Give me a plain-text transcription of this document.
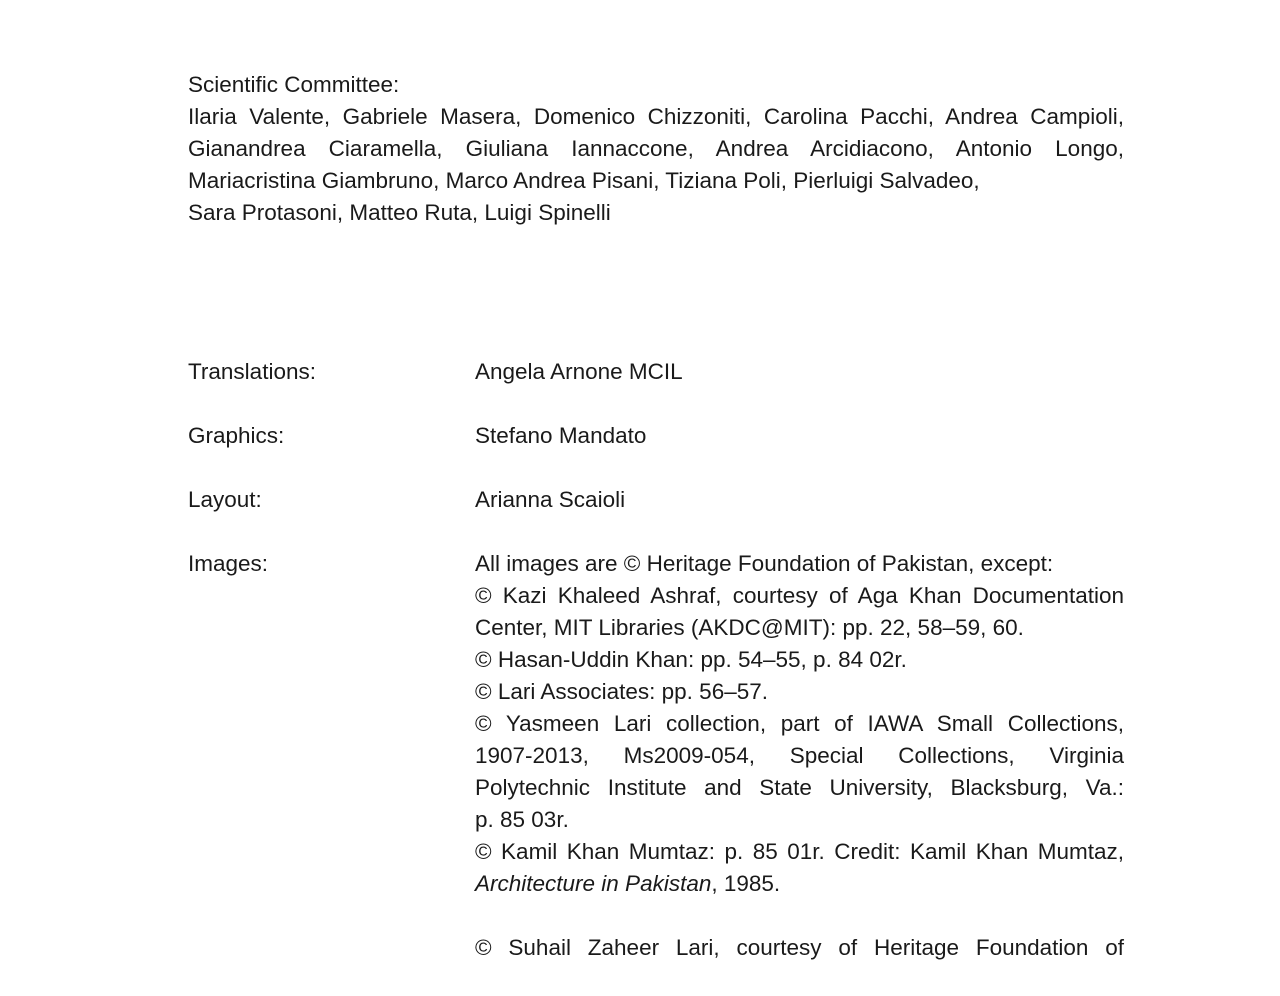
Scientific Committee:
Ilaria Valente, Gabriele Masera, Domenico Chizzoniti, Carolina Pacchi, Andrea Campioli,
Gianandrea Ciaramella, Giuliana Iannaccone, Andrea Arcidiacono, Antonio Longo,
Mariacristina Giambruno, Marco Andrea Pisani, Tiziana Poli, Pierluigi Salvadeo,
Sara Protasoni, Matteo Ruta, Luigi Spinelli
Translations:	Angela Arnone MCIL
Graphics:	Stefano Mandato
Layout:	Arianna Scaioli
Images:	All images are © Heritage Foundation of Pakistan, except:
© Kazi Khaleed Ashraf, courtesy of Aga Khan Documentation
Center, MIT Libraries (AKDC@MIT): pp. 22, 58–59, 60.
© Hasan-Uddin Khan: pp. 54–55, p. 84 02r.
© Lari Associates: pp. 56–57.
© Yasmeen Lari collection, part of IAWA Small Collections,
1907-2013, Ms2009-054, Special Collections, Virginia
Polytechnic Institute and State University, Blacksburg, Va.:
p. 85 03r.
© Kamil Khan Mumtaz: p. 85 01r. Credit: Kamil Khan Mumtaz,
Architecture in Pakistan, 1985.
© Suhail Zaheer Lari, courtesy of Heritage Foundation of
